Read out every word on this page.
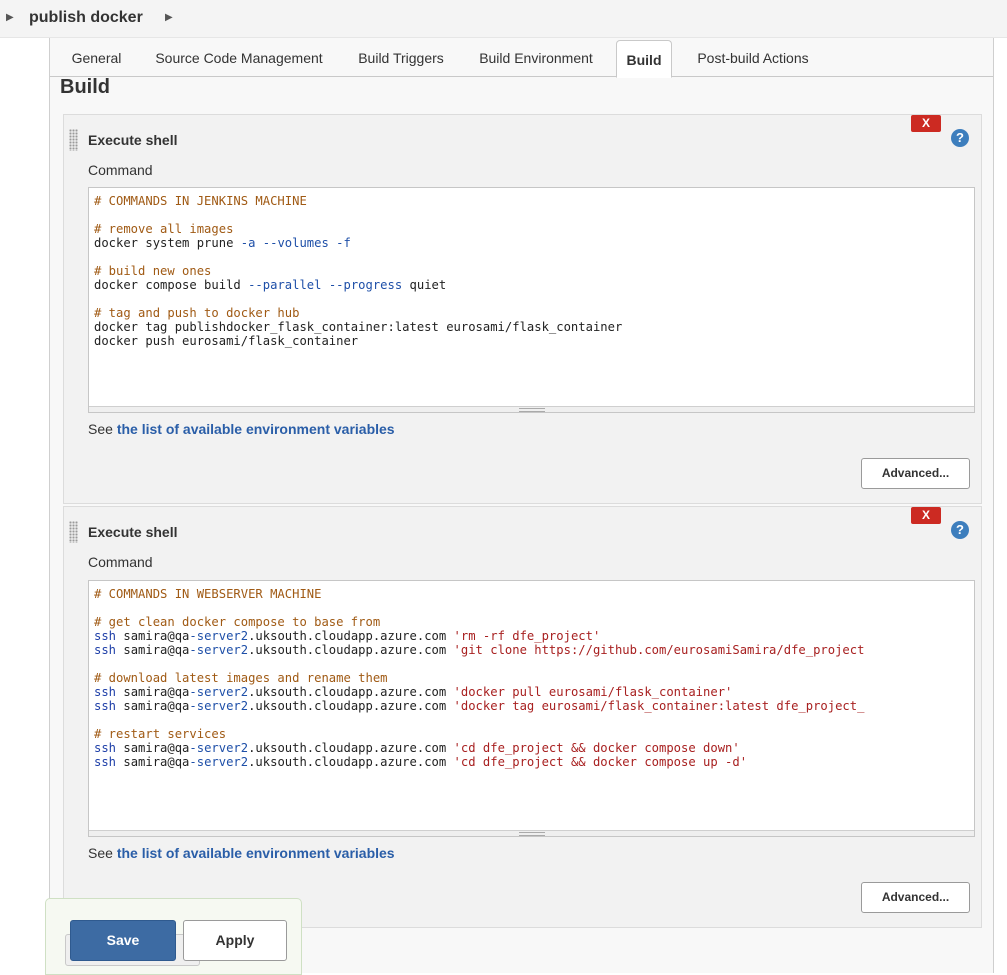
▶ publish docker ▶
General	Source Code Management	Build Triggers	Build Environment	Build	Post-build Actions
Build
Execute shell
X
?
Command
# COMMANDS IN JENKINS MACHINE

# remove all images
docker system prune -a --volumes -f

# build new ones
docker compose build --parallel --progress quiet

# tag and push to docker hub
docker tag publishdocker_flask_container:latest eurosami/flask_container
docker push eurosami/flask_container
See the list of available environment variables
Advanced...
Execute shell
X
?
Command
# COMMANDS IN WEBSERVER MACHINE

# get clean docker compose to base from
ssh samira@qa-server2.uksouth.cloudapp.azure.com 'rm -rf dfe_project'
ssh samira@qa-server2.uksouth.cloudapp.azure.com 'git clone https://github.com/eurosamiSamira/dfe_project

# download latest images and rename them
ssh samira@qa-server2.uksouth.cloudapp.azure.com 'docker pull eurosami/flask_container'
ssh samira@qa-server2.uksouth.cloudapp.azure.com 'docker tag eurosami/flask_container:latest dfe_project_

# restart services
ssh samira@qa-server2.uksouth.cloudapp.azure.com 'cd dfe_project && docker compose down'
ssh samira@qa-server2.uksouth.cloudapp.azure.com 'cd dfe_project && docker compose up -d'
See the list of available environment variables
Advanced...
Save	Apply
